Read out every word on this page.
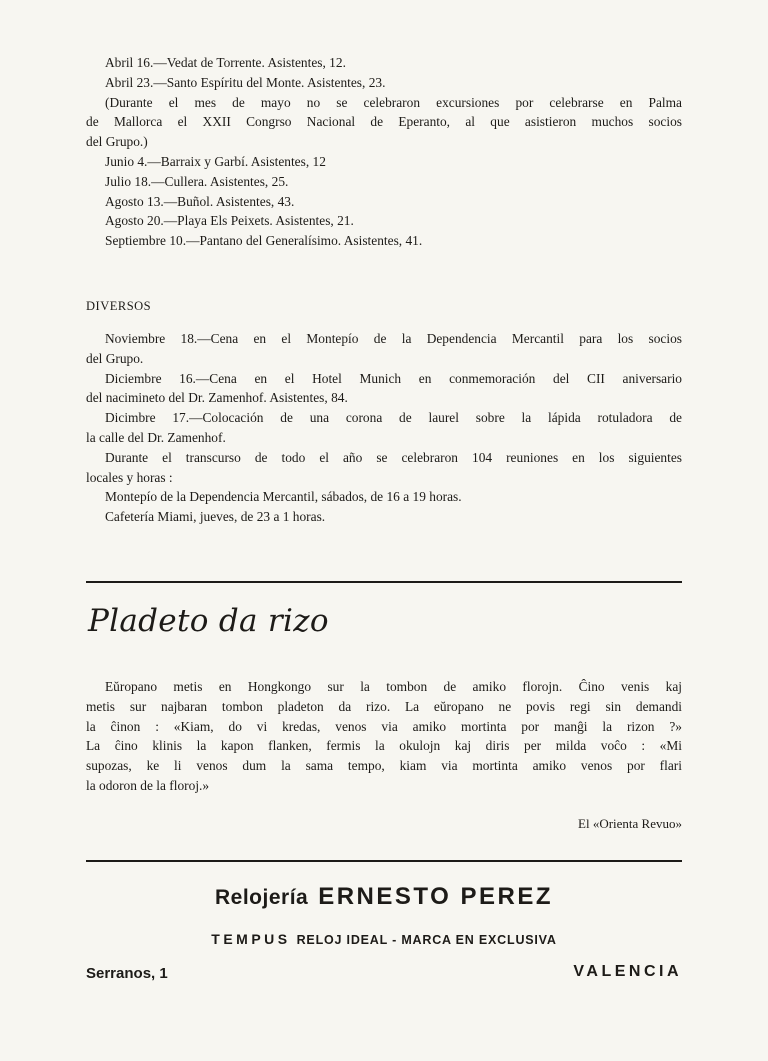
Abril 16.—Vedat de Torrente. Asistentes, 12.
Abril 23.—Santo Espíritu del Monte. Asistentes, 23.
(Durante el mes de mayo no se celebraron excursiones por celebrarse en Palma
de Mallorca el XXII Congrso Nacional de Eperanto, al que asistieron muchos socios
del Grupo.)
Junio 4.—Barraix y Garbí. Asistentes, 12
Julio 18.—Cullera. Asistentes, 25.
Agosto 13.—Buñol. Asistentes, 43.
Agosto 20.—Playa Els Peixets. Asistentes, 21.
Septiembre 10.—Pantano del Generalísimo. Asistentes, 41.
DIVERSOS
Noviembre 18.—Cena en el Montepío de la Dependencia Mercantil para los socios
del Grupo.
Diciembre 16.—Cena en el Hotel Munich en conmemoración del CII aniversario
del nacimineto del Dr. Zamenhof. Asistentes, 84.
Dicimbre 17.—Colocación de una corona de laurel sobre la lápida rotuladora de
la calle del Dr. Zamenhof.
Durante el transcurso de todo el año se celebraron 104 reuniones en los siguientes
locales y horas :
Montepío de la Dependencia Mercantil, sábados, de 16 a 19 horas.
Cafetería Miami, jueves, de 23 a 1 horas.
Pladeto da rizo
Eŭropano metis en Hongkongo sur la tombon de amiko florojn. Ĉino venis kaj
metis sur najbaran tombon pladeton da rizo. La eŭropano ne povis regi sin demandi
la ĉinon : «Kiam, do vi kredas, venos via amiko mortinta por manĝi la rizon ?»
La ĉino klinis la kapon flanken, fermis la okulojn kaj diris per milda voĉo : «Mi
supozas, ke li venos dum la sama tempo, kiam via mortinta amiko venos por flari
la odoron de la floroj.»
El «Orienta Revuo»
Relojería ERNESTO PEREZ
TEMPUS RELOJ IDEAL - MARCA EN EXCLUSIVA
Serranos, 1	VALENCIA
